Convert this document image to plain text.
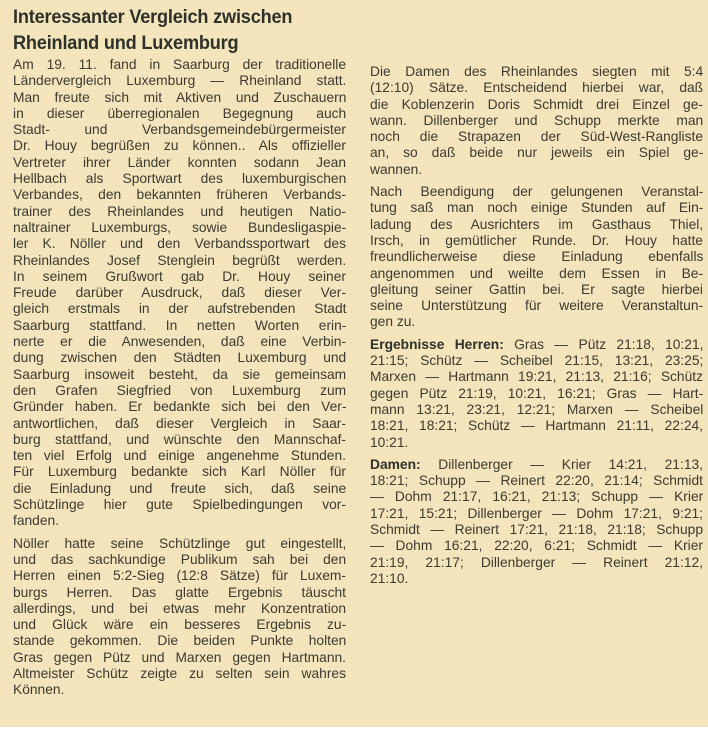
Interessanter Vergleich zwischen
Rheinland und Luxemburg
Am 19. 11. fand in Saarburg der traditionelle
Ländervergleich Luxemburg — Rheinland statt.
Man freute sich mit Aktiven und Zuschauern
in dieser überregionalen Begegnung auch
Stadt- und Verbandsgemeindebürgermeister
Dr. Houy begrüßen zu können.. Als offizieller
Vertreter ihrer Länder konnten sodann Jean
Hellbach als Sportwart des luxemburgischen
Verbandes, den bekannten früheren Verbands-
trainer des Rheinlandes und heutigen Natio-
naltrainer Luxemburgs, sowie Bundesligaspie-
ler K. Nöller und den Verbandssportwart des
Rheinlandes Josef Stenglein begrüßt werden.
In seinem Grußwort gab Dr. Houy seiner
Freude darüber Ausdruck, daß dieser Ver-
gleich erstmals in der aufstrebenden Stadt
Saarburg stattfand. In netten Worten erin-
nerte er die Anwesenden, daß eine Verbin-
dung zwischen den Städten Luxemburg und
Saarburg insoweit besteht, da sie gemeinsam
den Grafen Siegfried von Luxemburg zum
Gründer haben. Er bedankte sich bei den Ver-
antwortlichen, daß dieser Vergleich in Saar-
burg stattfand, und wünschte den Mannschaf-
ten viel Erfolg und einige angenehme Stunden.
Für Luxemburg bedankte sich Karl Nöller für
die Einladung und freute sich, daß seine
Schützlinge hier gute Spielbedingungen vor-
fanden.
Nöller hatte seine Schützlinge gut eingestellt,
und das sachkundige Publikum sah bei den
Herren einen 5:2-Sieg (12:8 Sätze) für Luxem-
burgs Herren. Das glatte Ergebnis täuscht
allerdings, und bei etwas mehr Konzentration
und Glück wäre ein besseres Ergebnis zu-
stande gekommen. Die beiden Punkte holten
Gras gegen Pütz und Marxen gegen Hartmann.
Altmeister Schütz zeigte zu selten sein wahres
Können.
Die Damen des Rheinlandes siegten mit 5:4
(12:10) Sätze. Entscheidend hierbei war, daß
die Koblenzerin Doris Schmidt drei Einzel ge-
wann. Dillenberger und Schupp merkte man
noch die Strapazen der Süd-West-Rangliste
an, so daß beide nur jeweils ein Spiel ge-
wannen.
Nach Beendigung der gelungenen Veranstal-
tung saß man noch einige Stunden auf Ein-
ladung des Ausrichters im Gasthaus Thiel,
Irsch, in gemütlicher Runde. Dr. Houy hatte
freundlicherweise diese Einladung ebenfalls
angenommen und weilte dem Essen in Be-
gleitung seiner Gattin bei. Er sagte hierbei
seine Unterstützung für weitere Veranstaltun-
gen zu.
Ergebnisse Herren: Gras — Pütz 21:18, 10:21,
21:15; Schütz — Scheibel 21:15, 13:21, 23:25;
Marxen — Hartmann 19:21, 21:13, 21:16; Schütz
gegen Pütz 21:19, 10:21, 16:21; Gras — Hart-
mann 13:21, 23:21, 12:21; Marxen — Scheibel
18:21, 18:21; Schütz — Hartmann 21:11, 22:24,
10:21.
Damen: Dillenberger — Krier 14:21, 21:13,
18:21; Schupp — Reinert 22:20, 21:14; Schmidt
— Dohm 21:17, 16:21, 21:13; Schupp — Krier
17:21, 15:21; Dillenberger — Dohm 17:21, 9:21;
Schmidt — Reinert 17:21, 21:18, 21:18; Schupp
— Dohm 16:21, 22:20, 6:21; Schmidt — Krier
21:19, 21:17; Dillenberger — Reinert 21:12,
21:10.
